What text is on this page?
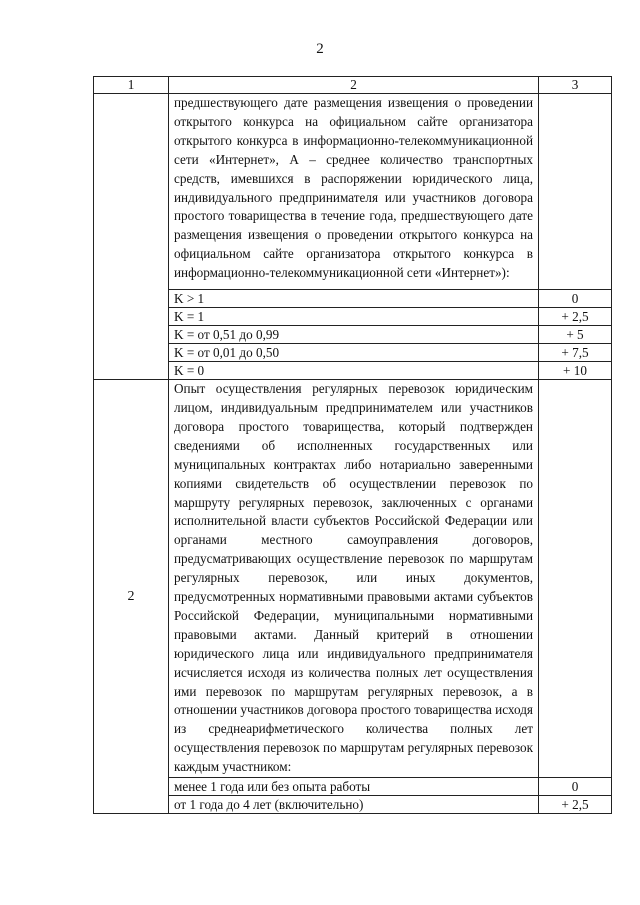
2
1	2	3
	предшествующего дате размещения извещения о проведении открытого конкурса на официальном сайте организатора открытого конкурса в информационно-телекоммуникационной сети «Интернет», А – среднее количество транспортных средств, имевшихся в распоряжении юридического лица, индивидуального предпринимателя или участников договора простого товарищества в течение года, предшествующего дате размещения извещения о проведении открытого конкурса на официальном сайте организатора открытого конкурса в информационно-телекоммуникационной сети «Интернет»):	
	K > 1	0
	K = 1	+ 2,5
	K = от 0,51 до 0,99	+ 5
	K = от 0,01 до 0,50	+ 7,5
	K = 0	+ 10
2	Опыт осуществления регулярных перевозок юридическим лицом, индивидуальным предпринимателем или участников договора простого товарищества, который подтвержден сведениями об исполненных государственных или муниципальных контрактах либо нотариально заверенными копиями свидетельств об осуществлении перевозок по маршруту регулярных перевозок, заключенных с органами исполнительной власти субъектов Российской Федерации или органами местного самоуправления договоров, предусматривающих осуществление перевозок по маршрутам регулярных перевозок, или иных документов, предусмотренных нормативными правовыми актами субъектов Российской Федерации, муниципальными нормативными правовыми актами. Данный критерий в отношении юридического лица или индивидуального предпринимателя исчисляется исходя из количества полных лет осуществления ими перевозок по маршрутам регулярных перевозок, а в отношении участников договора простого товарищества исходя из среднеарифметического количества полных лет осуществления перевозок по маршрутам регулярных перевозок каждым участником:	
	менее 1 года или без опыта работы	0
	от 1 года до 4 лет (включительно)	+ 2,5
